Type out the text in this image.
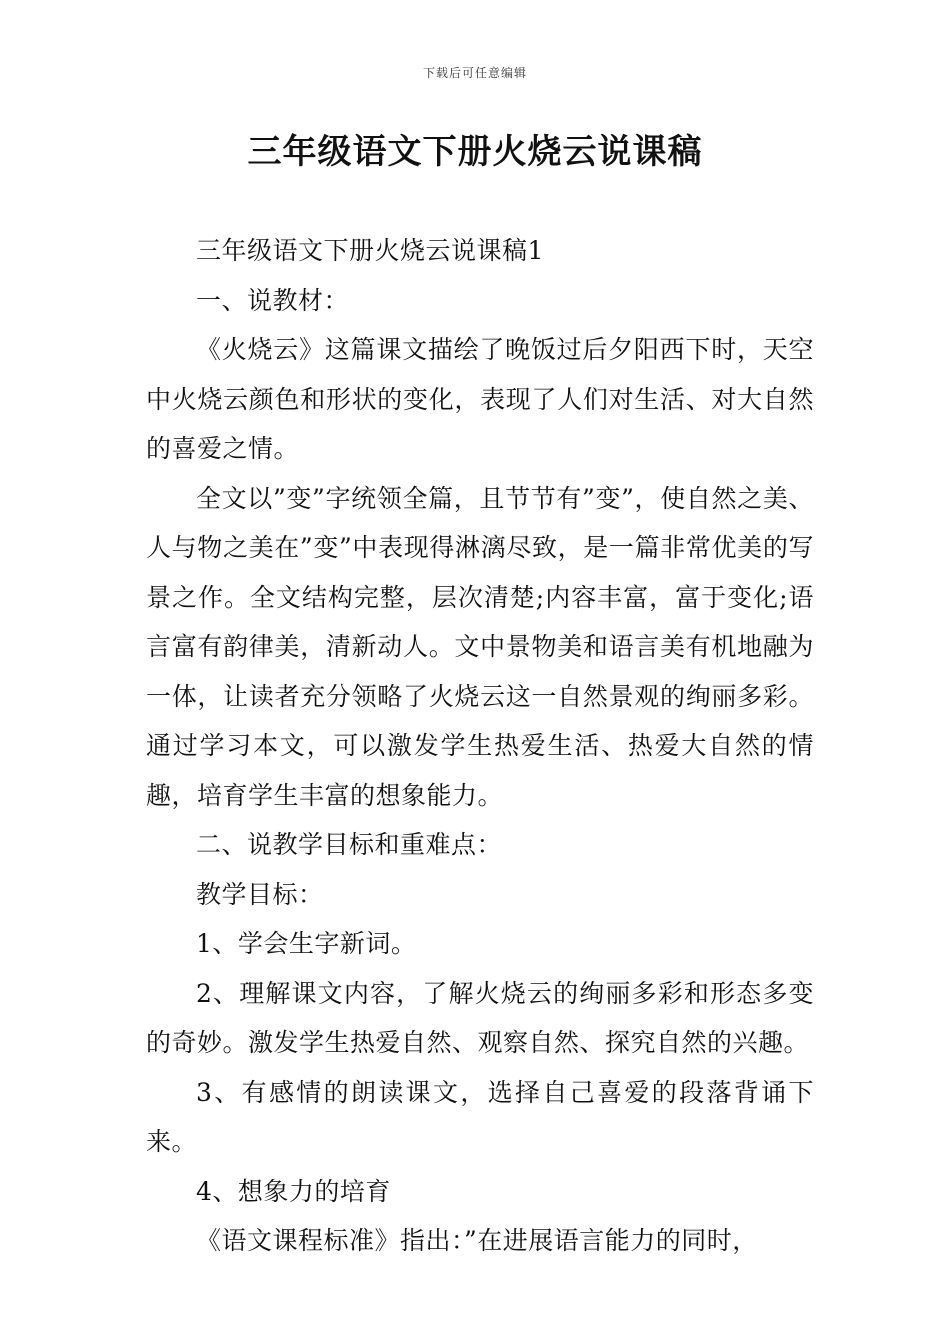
下载后可任意编辑
三年级语文下册火烧云说课稿

三年级语文下册火烧云说课稿1

一、说教材：

《火烧云》这篇课文描绘了晚饭过后夕阳西下时，天空中火烧云颜色和形状的变化，表现了人们对生活、对大自然的喜爱之情。

全文以”变”字统领全篇，且节节有”变”，使自然之美、人与物之美在”变”中表现得淋漓尽致，是一篇非常优美的写景之作。全文结构完整，层次清楚;内容丰富，富于变化;语言富有韵律美，清新动人。文中景物美和语言美有机地融为一体，让读者充分领略了火烧云这一自然景观的绚丽多彩。通过学习本文，可以激发学生热爱生活、热爱大自然的情趣，培育学生丰富的想象能力。

二、说教学目标和重难点：

教学目标：

1、学会生字新词。

2、理解课文内容，了解火烧云的绚丽多彩和形态多变的奇妙。激发学生热爱自然、观察自然、探究自然的兴趣。

3、有感情的朗读课文，选择自己喜爱的段落背诵下来。

4、想象力的培育

《语文课程标准》指出：”在进展语言能力的同时，
